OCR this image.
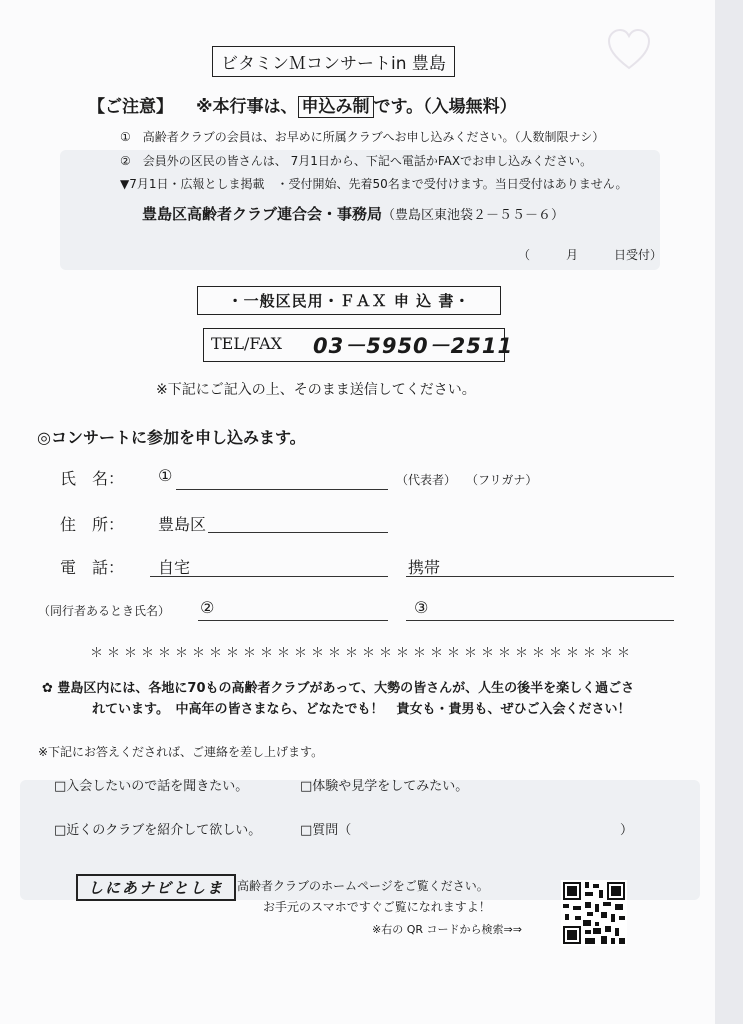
ビタミンＭコンサートin 豊島
【ご注意】 ※本行事は、 申込み制 です。（入場無料）
①　高齢者クラブの会員は、お早めに所属クラブへお申し込みください。（人数制限ナシ）
②　会員外の区民の皆さんは、 7月1日から、下記へ電話かFAXでお申し込みください。
▼7月1日・広報としま掲載　・受付開始、先着50名まで受付けます。当日受付はありません。
豊島区高齢者クラブ連合会・事務局（豊島区東池袋２－５５－６）
（　　　月　　　日受付）
・一般区民用・ＦＡＸ 申 込 書・
TEL/FAX 03－5950－2511
※下記にご記入の上、そのまま送信してください。
◎コンサートに参加を申し込みます。
氏　名： ①	（代表者） （フリガナ）
住　所： 豊島区
電　話： 自宅	携帯
（同行者あるとき氏名） ②	③
＊＊＊＊＊＊＊＊＊＊＊＊＊＊＊＊＊＊＊＊＊＊＊＊＊＊＊＊＊＊＊＊
✿ 豊島区内には、各地に70もの高齢者クラブがあって、大勢の皆さんが、人生の後半を楽しく過ごさ
れています。　中高年の皆さまなら、どなたでも！　貴女も・貴男も、ぜひご入会ください！
※下記にお答えくだされば、ご連絡を差し上げます。
□入会したいので話を聞きたい。	□体験や見学をしてみたい。
□近くのクラブを紹介して欲しい。	□質問（	）
しにあナビとしま	高齢者クラブのホームページをご覧ください。
お手元のスマホですぐご覧になれますよ！
※右の QR コードから検索⇒⇒
